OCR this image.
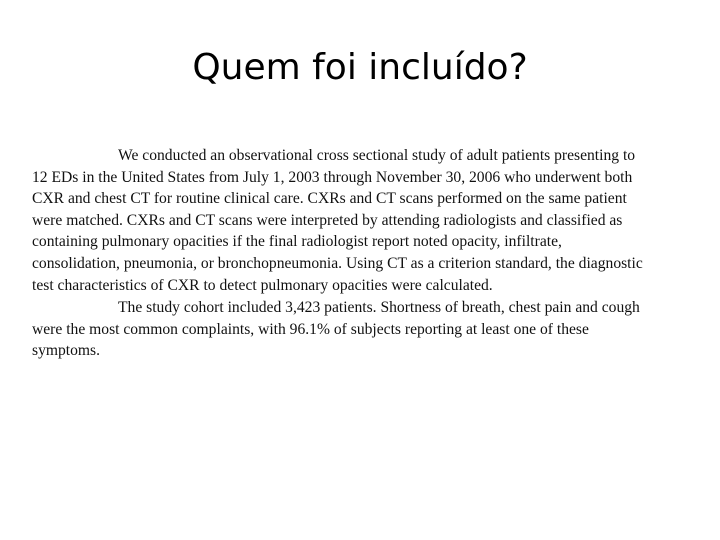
Quem foi incluído?
We conducted an observational cross sectional study of adult patients presenting to
12 EDs in the United States from July 1, 2003 through November 30, 2006 who underwent both
CXR and chest CT for routine clinical care. CXRs and CT scans performed on the same patient
were matched. CXRs and CT scans were interpreted by attending radiologists and classified as
containing pulmonary opacities if the final radiologist report noted opacity, infiltrate,
consolidation, pneumonia, or bronchopneumonia. Using CT as a criterion standard, the diagnostic
test characteristics of CXR to detect pulmonary opacities were calculated.
The study cohort included 3,423 patients. Shortness of breath, chest pain and cough
were the most common complaints, with 96.1% of subjects reporting at least one of these
symptoms.
